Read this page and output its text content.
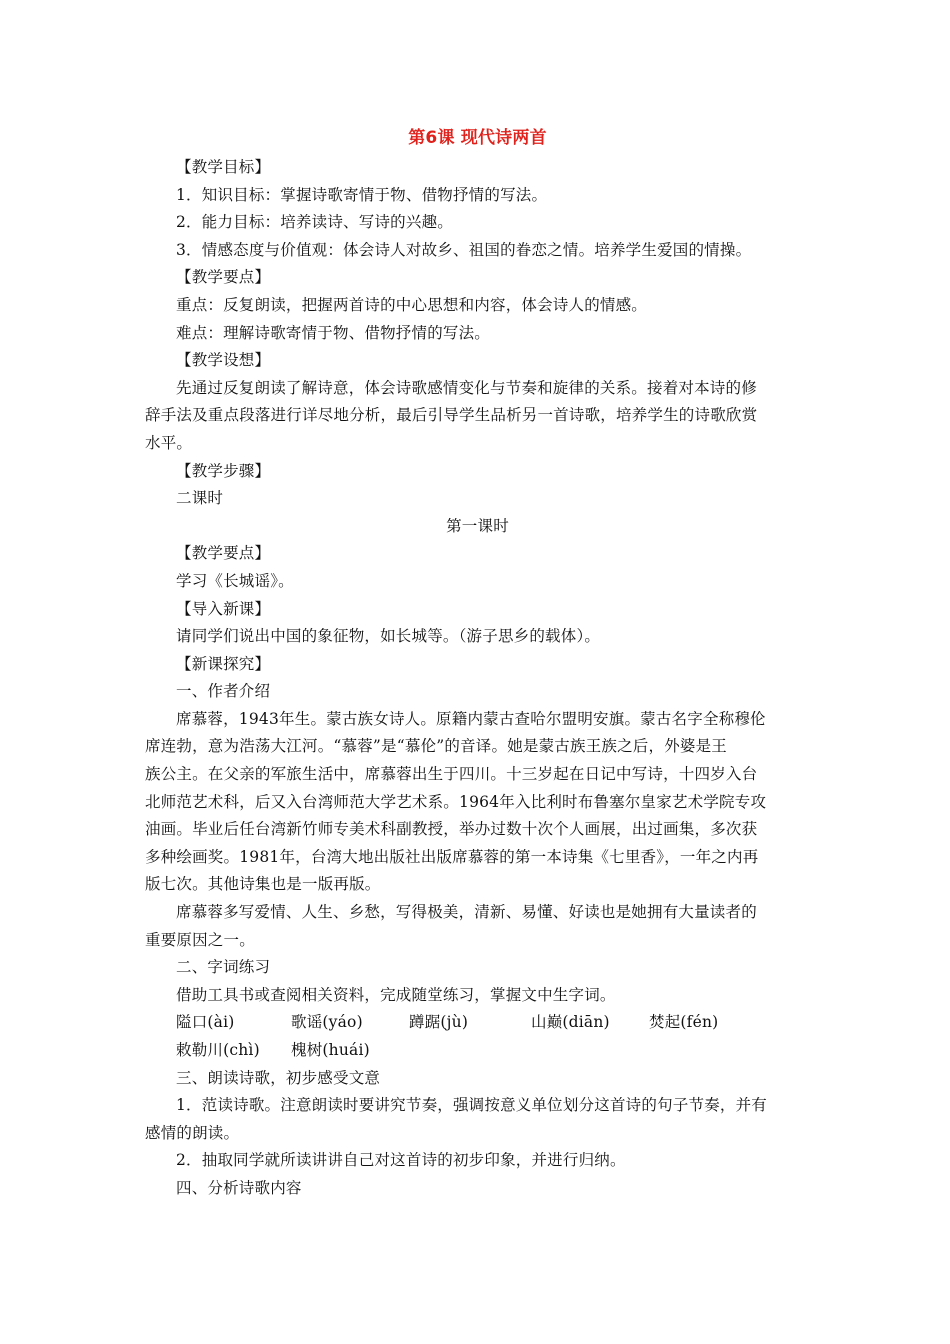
第6课 现代诗两首
【教学目标】
1．知识目标：掌握诗歌寄情于物、借物抒情的写法。
2．能力目标：培养读诗、写诗的兴趣。
3．情感态度与价值观：体会诗人对故乡、祖国的眷恋之情。培养学生爱国的情操。
【教学要点】
重点：反复朗读，把握两首诗的中心思想和内容，体会诗人的情感。
难点：理解诗歌寄情于物、借物抒情的写法。
【教学设想】
先通过反复朗读了解诗意，体会诗歌感情变化与节奏和旋律的关系。接着对本诗的修
辞手法及重点段落进行详尽地分析，最后引导学生品析另一首诗歌，培养学生的诗歌欣赏
水平。
【教学步骤】
二课时
第一课时
【教学要点】
学习《长城谣》。
【导入新课】
请同学们说出中国的象征物，如长城等。（游子思乡的载体）。
【新课探究】
一、作者介绍
席慕蓉，1943年生。蒙古族女诗人。原籍内蒙古查哈尔盟明安旗。蒙古名字全称穆伦
席连勃，意为浩荡大江河。“慕蓉”是“慕伦”的音译。她是蒙古族王族之后，外婆是王
族公主。在父亲的军旅生活中，席慕蓉出生于四川。十三岁起在日记中写诗，十四岁入台
北师范艺术科，后又入台湾师范大学艺术系。1964年入比利时布鲁塞尔皇家艺术学院专攻
油画。毕业后任台湾新竹师专美术科副教授，举办过数十次个人画展，出过画集，多次获
多种绘画奖。1981年，台湾大地出版社出版席慕蓉的第一本诗集《七里香》，一年之内再
版七次。其他诗集也是一版再版。
席慕蓉多写爱情、人生、乡愁，写得极美，清新、易懂、好读也是她拥有大量读者的
重要原因之一。
二、字词练习
借助工具书或查阅相关资料，完成随堂练习，掌握文中生字词。
隘口(ài)	歌谣(yáo)	蹲踞(jù)	山巅(diān)	焚起(fén)
敕勒川(chì) 槐树(huái)
三、朗读诗歌，初步感受文意
1．范读诗歌。注意朗读时要讲究节奏，强调按意义单位划分这首诗的句子节奏，并有
感情的朗读。
2．抽取同学就所读讲讲自己对这首诗的初步印象，并进行归纳。
四、分析诗歌内容
